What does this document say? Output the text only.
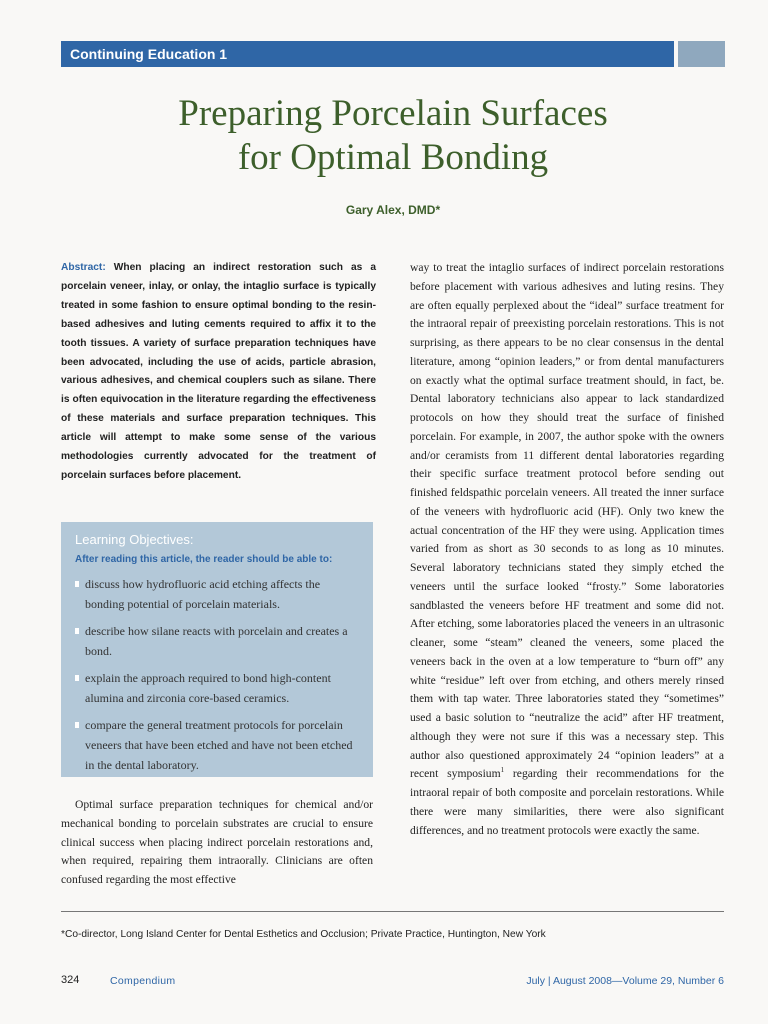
Continuing Education 1
Preparing Porcelain Surfaces
for Optimal Bonding
Gary Alex, DMD*

Abstract: When placing an indirect restoration such as a porcelain veneer, inlay, or onlay, the intaglio surface is typically treated in some fashion to ensure optimal bonding to the resin-based adhesives and luting cements required to affix it to the tooth tissues. A variety of surface preparation techniques have been advocated, including the use of acids, particle abrasion, various adhesives, and chemical couplers such as silane. There is often equivocation in the literature regarding the effectiveness of these materials and surface preparation techniques. This article will attempt to make some sense of the various methodologies currently advocated for the treatment of porcelain surfaces before placement.

Learning Objectives:
After reading this article, the reader should be able to:
discuss how hydrofluoric acid etching affects the bonding potential of porcelain materials.
describe how silane reacts with porcelain and creates a bond.
explain the approach required to bond high-content alumina and zirconia core-based ceramics.
compare the general treatment protocols for porcelain veneers that have been etched and have not been etched in the dental laboratory.

Optimal surface preparation techniques for chemical and/or mechanical bonding to porcelain substrates are crucial to ensure clinical success when placing indirect porcelain restorations and, when required, repairing them intraorally. Clinicians are often confused regarding the most effective

way to treat the intaglio surfaces of indirect porcelain restorations before placement with various adhesives and luting resins. They are often equally perplexed about the “ideal” surface treatment for the intraoral repair of preexisting porcelain restorations. This is not surprising, as there appears to be no clear consensus in the dental literature, among “opinion leaders,” or from dental manufacturers on exactly what the optimal surface treatment should, in fact, be. Dental laboratory technicians also appear to lack standardized protocols on how they should treat the surface of finished porcelain. For example, in 2007, the author spoke with the owners and/or ceramists from 11 different dental laboratories regarding their specific surface treatment protocol before sending out finished feldspathic porcelain veneers. All treated the inner surface of the veneers with hydrofluoric acid (HF). Only two knew the actual concentration of the HF they were using. Application times varied from as short as 30 seconds to as long as 10 minutes. Several laboratory technicians stated they simply etched the veneers until the surface looked “frosty.” Some laboratories sandblasted the veneers before HF treatment and some did not. After etching, some laboratories placed the veneers in an ultrasonic cleaner, some “steam” cleaned the veneers, some placed the veneers back in the oven at a low temperature to “burn off” any white “residue” left over from etching, and others merely rinsed them with tap water. Three laboratories stated they “sometimes” used a basic solution to “neutralize the acid” after HF treatment, although they were not sure if this was a necessary step. This author also questioned approximately 24 “opinion leaders” at a recent symposium$^1$ regarding their recommendations for the intraoral repair of both composite and porcelain restorations. While there were many similarities, there were also significant differences, and no treatment protocols were exactly the same.

*Co-director, Long Island Center for Dental Esthetics and Occlusion; Private Practice, Huntington, New York
324	Compendium	July | August 2008—Volume 29, Number 6
